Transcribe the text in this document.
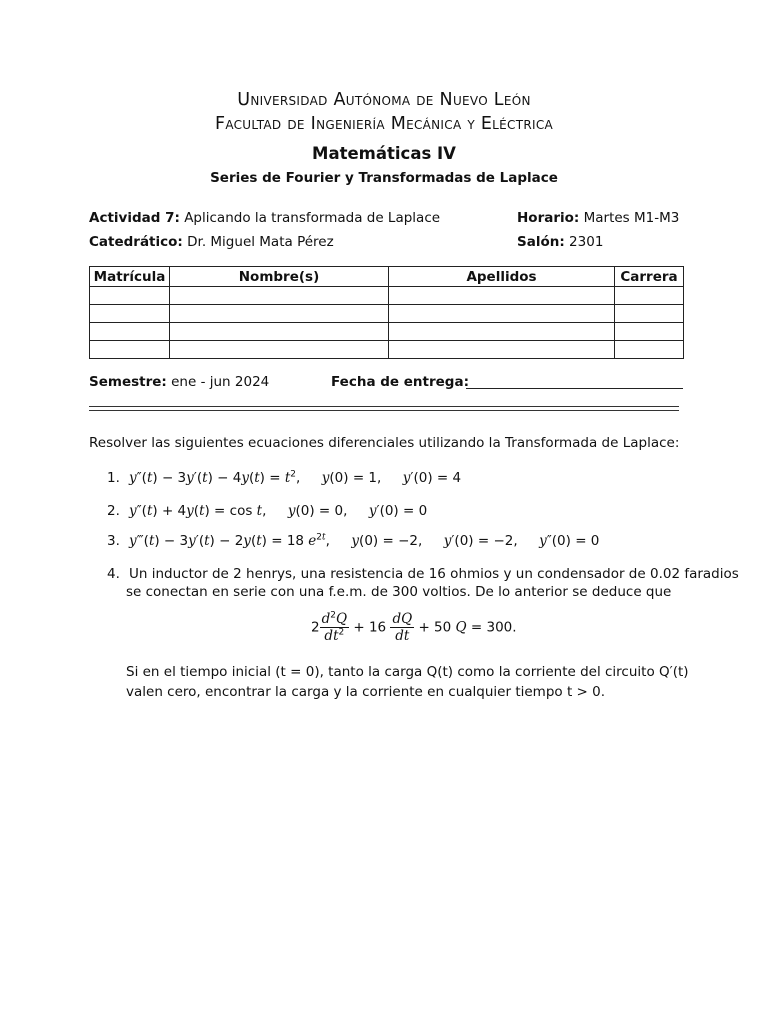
Universidad Autónoma de Nuevo León
Facultad de Ingeniería Mecánica y Eléctrica
Matemáticas IV
Series de Fourier y Transformadas de Laplace
Actividad 7: Aplicando la transformada de Laplace	Horario: Martes M1-M3
Catedrático: Dr. Miguel Mata Pérez	Salón: 2301
Matrícula	Nombre(s)	Apellidos	Carrera

Semestre: ene - jun 2024	Fecha de entrega:
Resolver las siguientes ecuaciones diferenciales utilizando la Transformada de Laplace:
1. $y''(t) - 3y'(t) - 4y(t) = t^2$,     y(0) = 1,     y′(0) = 4
2. y″(t) + 4y(t) = cos t,     y(0) = 0,     y′(0) = 0
3. y‴(t) − 3y′(t) − 2y(t) = 18 $e^{2t}$,     y(0) = −2,     y′(0) = −2,     y″(0) = 0
4. Un inductor de 2 henrys, una resistencia de 16 ohmios y un condensador de 0.02 faradios
se conectan en serie con una f.e.m. de 300 voltios. De lo anterior se deduce que
$2 \frac{d^2Q}{dt^2} + 16 \frac{dQ}{dt} + 50$ Q = 300.
Si en el tiempo inicial (t = 0), tanto la carga Q(t) como la corriente del circuito Q′(t)
valen cero, encontrar la carga y la corriente en cualquier tiempo t > 0.
